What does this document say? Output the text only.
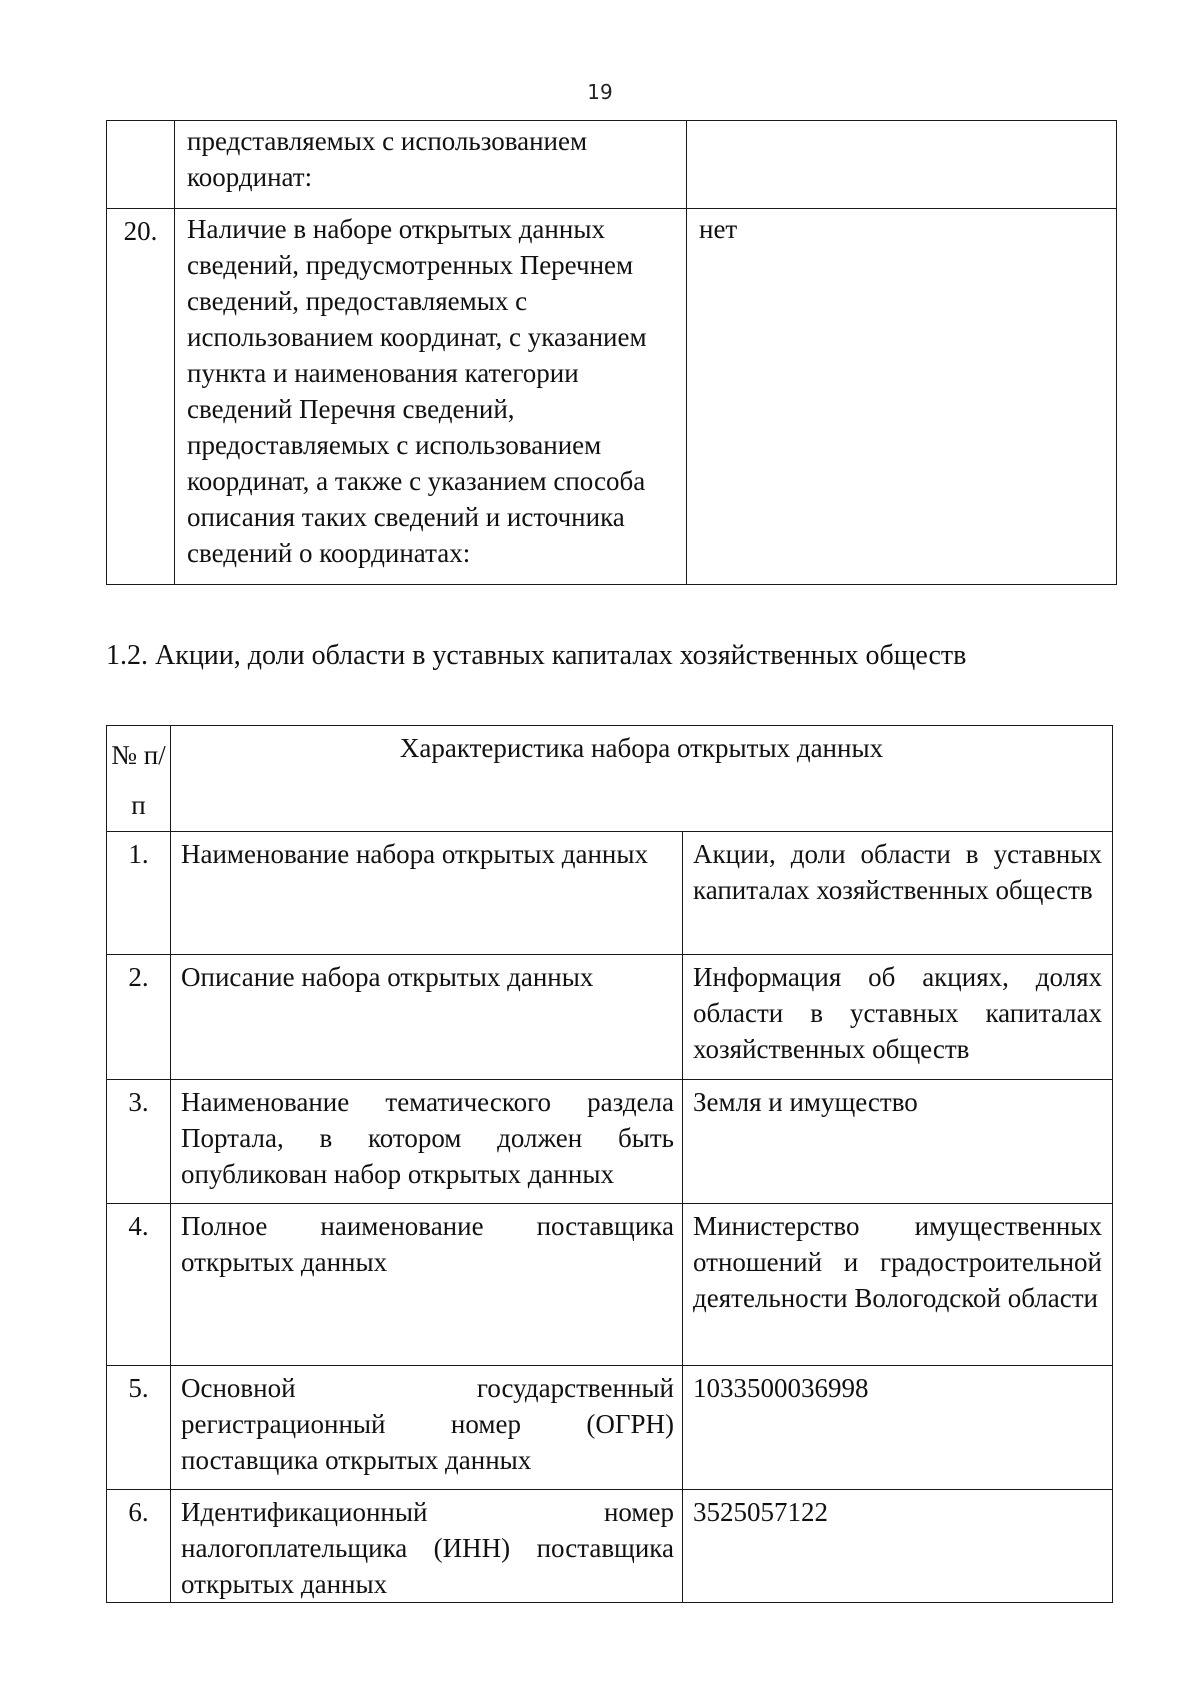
19
	представляемых с использованием координат:	
20.	Наличие в наборе открытых данных сведений, предусмотренных Перечнем сведений, предоставляемых с использованием координат, с указанием пункта и наименования категории сведений Перечня сведений, предоставляемых с использованием координат, а также с указанием способа описания таких сведений и источника сведений о координатах:	нет
1.2. Акции, доли области в уставных капиталах хозяйственных обществ
№ п/п	Характеристика набора открытых данных	
1.	Наименование набора открытых данных	Акции, доли области в уставных капиталах хозяйственных обществ
2.	Описание набора открытых данных	Информация об акциях, долях области в уставных капиталах хозяйственных обществ
3.	Наименование тематического раздела Портала, в котором должен быть опубликован набор открытых данных	Земля и имущество
4.	Полное наименование поставщика открытых данных	Министерство имущественных отношений и градостроительной деятельности Вологодской области
5.	Основной государственный регистрационный номер (ОГРН) поставщика открытых данных	1033500036998
6.	Идентификационный номер налогоплательщика (ИНН) поставщика открытых данных	3525057122
